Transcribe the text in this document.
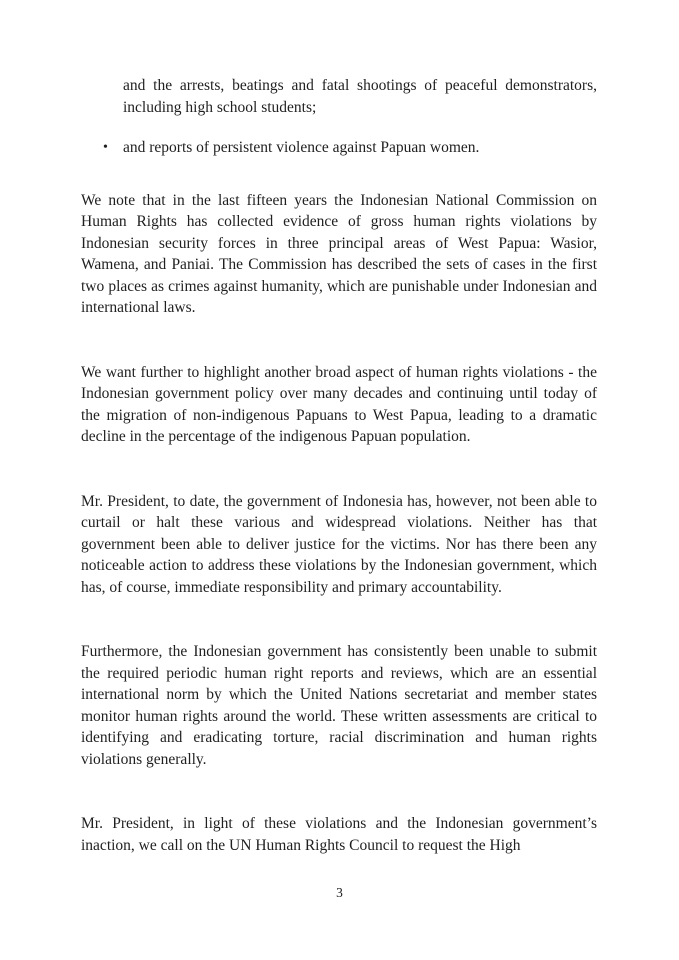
and the arrests, beatings and fatal shootings of peaceful demonstrators, including high school students;
• and reports of persistent violence against Papuan women.

We note that in the last fifteen years the Indonesian National Commission on Human Rights has collected evidence of gross human rights violations by Indonesian security forces in three principal areas of West Papua: Wasior, Wamena, and Paniai. The Commission has described the sets of cases in the first two places as crimes against humanity, which are punishable under Indonesian and international laws.

We want further to highlight another broad aspect of human rights violations - the Indonesian government policy over many decades and continuing until today of the migration of non-indigenous Papuans to West Papua, leading to a dramatic decline in the percentage of the indigenous Papuan population.

Mr. President, to date, the government of Indonesia has, however, not been able to curtail or halt these various and widespread violations. Neither has that government been able to deliver justice for the victims. Nor has there been any noticeable action to address these violations by the Indonesian government, which has, of course, immediate responsibility and primary accountability.

Furthermore, the Indonesian government has consistently been unable to submit the required periodic human right reports and reviews, which are an essential international norm by which the United Nations secretariat and member states monitor human rights around the world. These written assessments are critical to identifying and eradicating torture, racial discrimination and human rights violations generally.

Mr. President, in light of these violations and the Indonesian government’s inaction, we call on the UN Human Rights Council to request the High

3
